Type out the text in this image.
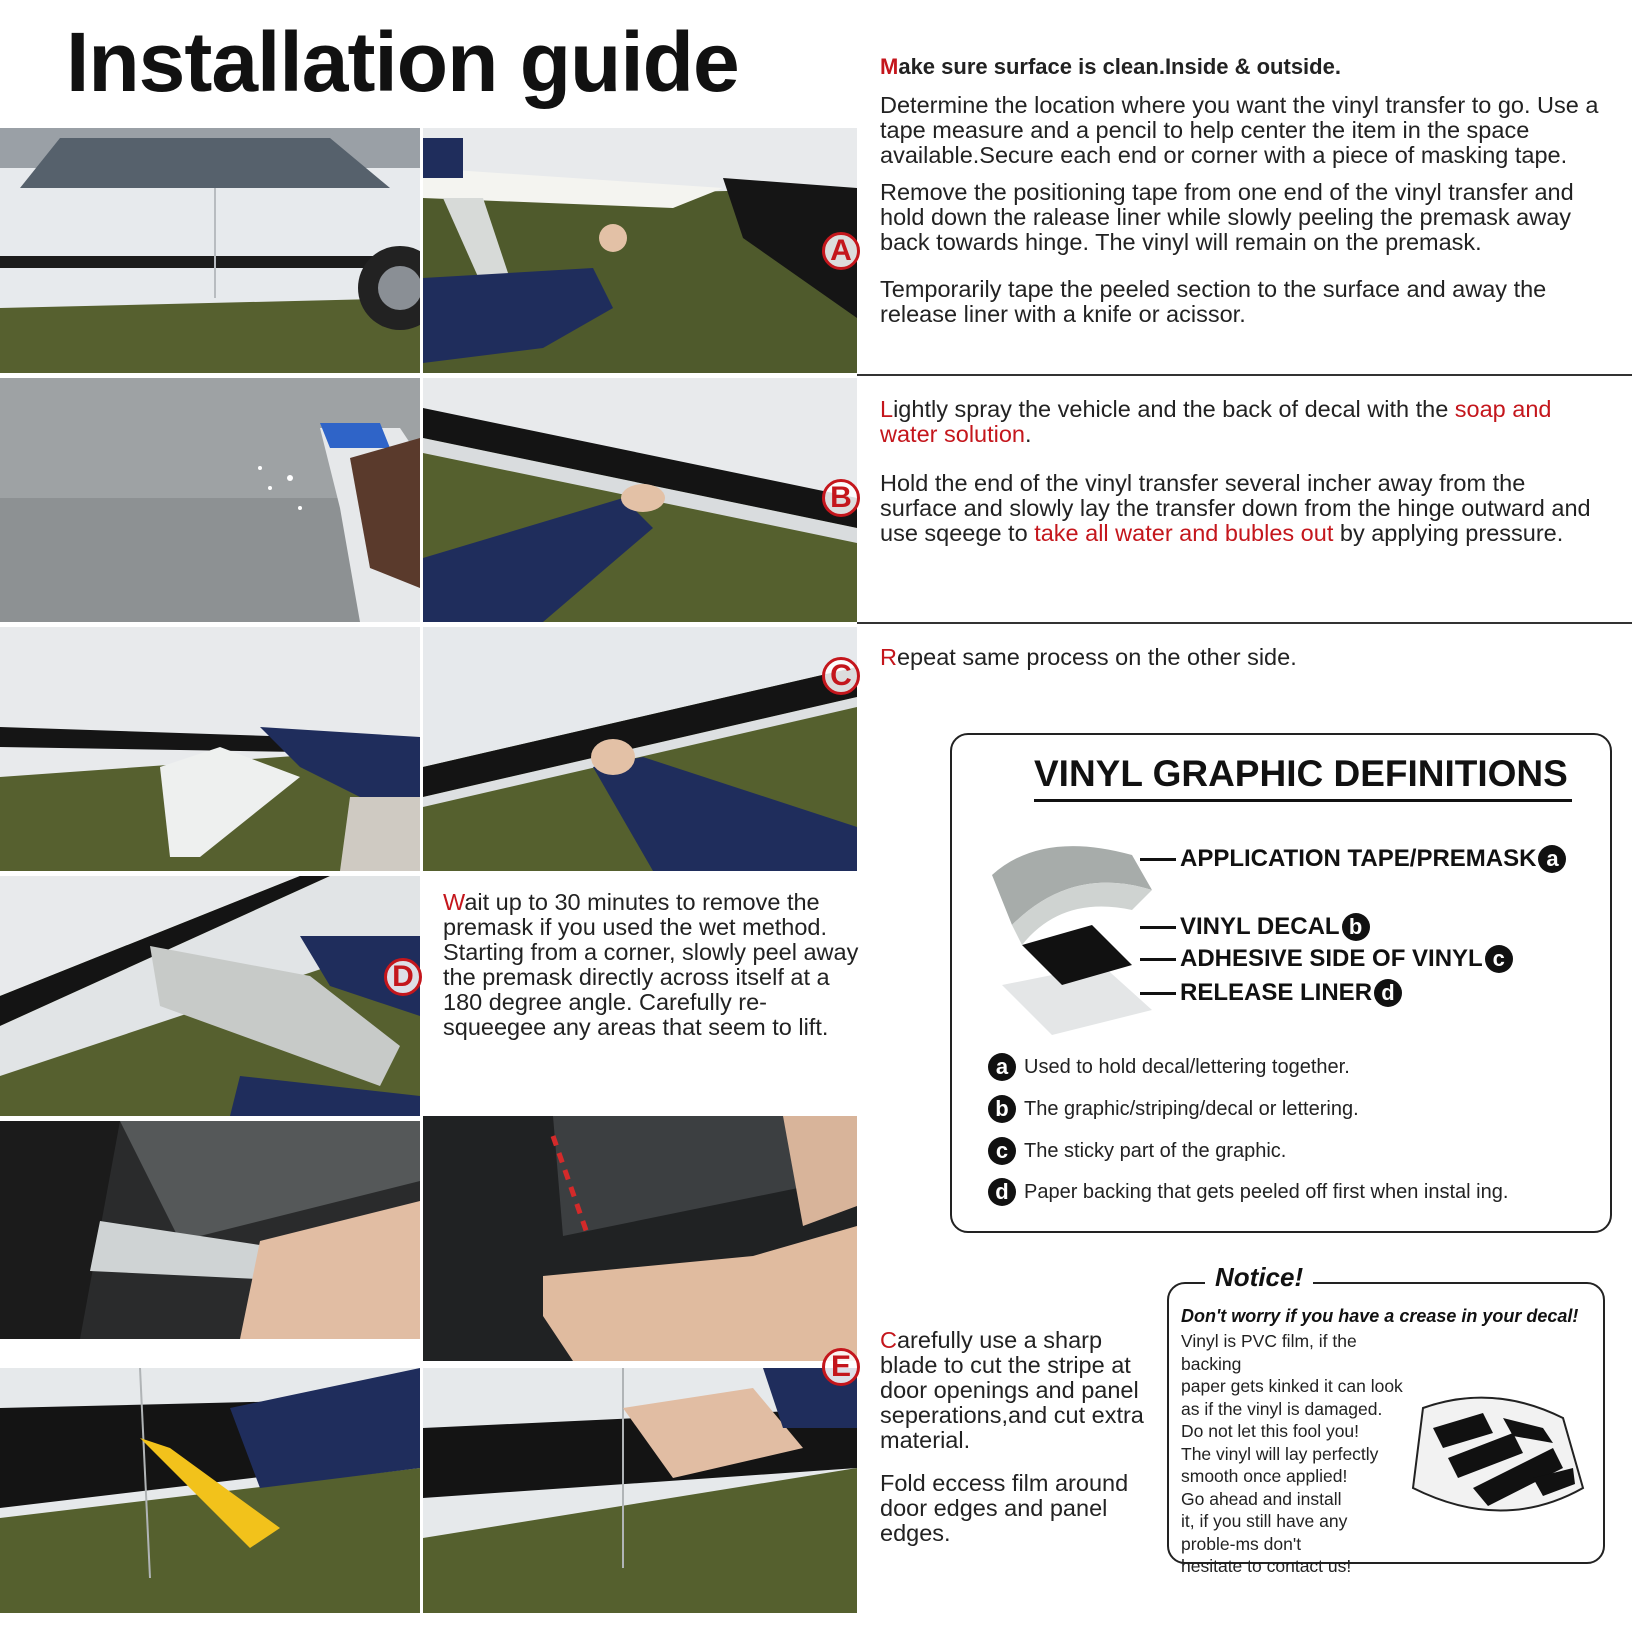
Installation guide
A
B
C
D
E

Make sure surface is clean.Inside & outside.

Determine the location where you want the vinyl transfer to go. Use a tape measure and a pencil to help center the item in the space available.Secure each end or corner with a piece of masking tape.

Remove the positioning tape from one end of the vinyl transfer and hold down the ralease liner while slowly peeling the premask away back towards hinge. The vinyl will remain on the premask.

Temporarily tape the peeled section to the surface and away the release liner with a knife or acissor.

Lightly spray the vehicle and the back of decal with the soap and water solution.

Hold the end of the vinyl transfer several incher away from the surface and slowly lay the transfer down from the hinge outward and use sqeege to take all water and bubles out by applying pressure.

Repeat same process on the other side.

Wait up to 30 minutes to remove the premask if you used the wet method. Starting from a corner, slowly peel away the premask directly across itself at a 180 degree angle. Carefully re-squeegee any areas that seem to lift.

Carefully use a sharp blade to cut the stripe at door openings and panel seperations,and cut extra material.

Fold eccess film around door edges and panel edges.

VINYL GRAPHIC DEFINITIONS
APPLICATION TAPE/PREMASK a
VINYL DECAL b
ADHESIVE SIDE OF VINYL c
RELEASE LINER d
a Used to hold decal/lettering together.
b The graphic/striping/decal or lettering.
c The sticky part of the graphic.
d Paper backing that gets peeled off first when instal ing.
Notice!
Don't worry if you have a crease in your decal!

Vinyl is PVC film, if the backing

paper gets kinked it can look

as if the vinyl is damaged.

Do not let this fool you!

The vinyl will lay perfectly

smooth once applied!

Go ahead and install

it, if you still have any

proble-ms don't

hesitate to contact us!
